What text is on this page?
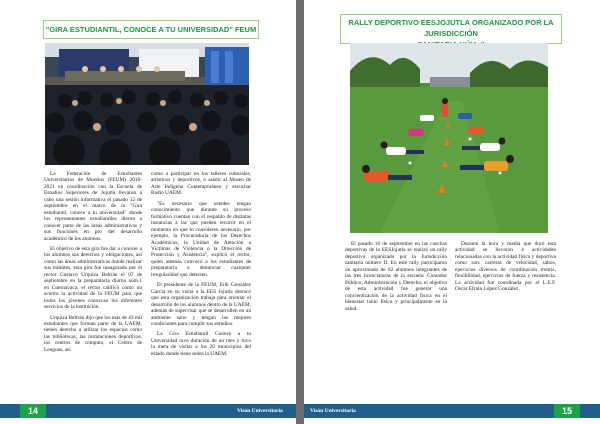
"GIRA ESTUDIANTIL, CONOCE A TU UNIVERSIDAD" FEUM

La Federación de Estudiantes Universitarios de Morelos (FEUM) 2018-2021 en coordinación con la Escuela de Estudios Superiores de Jojutla llevaron a cabo una sesión informativa el pasado 12 de septiembre en el marco de la "Gira estudiantil, conoce a tu universidad" donde los representantes estudiantiles dieron a conocer parte de las áreas administrativas y sus funciones en pro del desarrollo académico de los alumnos.

El objetivo de esta gira fue dar a conocer a los alumnos sus derechos y obligaciones, así como las áreas administrativas donde realizar sus trámites, esta gira fue inaugurada por el rector Gustavo Urquiza Beltrán el 07 de septiembre en la preparatoria diurna núm.1 en Cuernavaca, el rector calificó como un acierto la actividad de la FEUM para que todos los jóvenes conozcan los diferentes servicios de la institución.

Urquiza Beltrán dijo que los más de 43 mil estudiantes que forman parte de la UAEM, tienen derecho a utilizar los espacios como las bibliotecas, las instalaciones deportivas, los centros de cómputo, el Centro de Lenguas, así

como a participar en los talleres culturales, artísticos y deportivos, o asistir al Museo de Arte Indígena Contemporáneo y escuchar Radio UAEM.

"Es necesario que ustedes tengan conocimiento que durante su proceso formativo cuentan con el respaldo de distintas instancias a las que pueden recurrir en el momento en que lo consideren necesario, por ejemplo, la Procuraduría de los Derechos Académicos, la Unidad de Atención a Víctimas de Violencia o la Dirección de Protección y Asistencia", explicó el rector, quien además convocó a los estudiantes de preparatoria a denunciar cualquier irregularidad que detecten.

El presidente de la FEUM, Erik González García en su visita a la EES Jojutla destacó que esta organización trabaja para orientar el desarrollo de los alumnos dentro de la UAEM, además de supervisar que se desarrollen en un ambiente sano y tengan las mejores condiciones para cumplir sus estudios.

La Gira Estudiantil Conoce a tu Universidad tuvo duración de un mes y tuvo la meta de visitar a los 20 municipios del estado donde tiene sedes la UAEM.

RALLY DEPORTIVO EESJOJUTLA ORGANIZADO POR LA JURISDICCIÓN

El pasado 10 de septiembre en las canchas deportivas de la EESJojutla se realizó un rally deportivo organizado por la Jurisdicción sanitaria número II. En este rally participaron un aproximado de 82 alumnos integrantes de las tres licenciaturas de la escuela: Contador Público, Administración y Derecho, el objetivo de esta actividad fue generar una concientización de la actividad física en el bienestar tanto físico y principalmente en la salud.

Durante la hora y media que duró esta actividad se llevaron 4 actividades relacionadas con la actividad física y deportiva como son: carreras de velocidad, saltos, ejercicios diversos de coordinación motriz, flexibilidad, ejercicios de fuerza y resistencia. La actividad fue coordinada por el L.E.F. Oscar Efraín López González.

14	Visón Universitaria	Visón Universitaria	15
